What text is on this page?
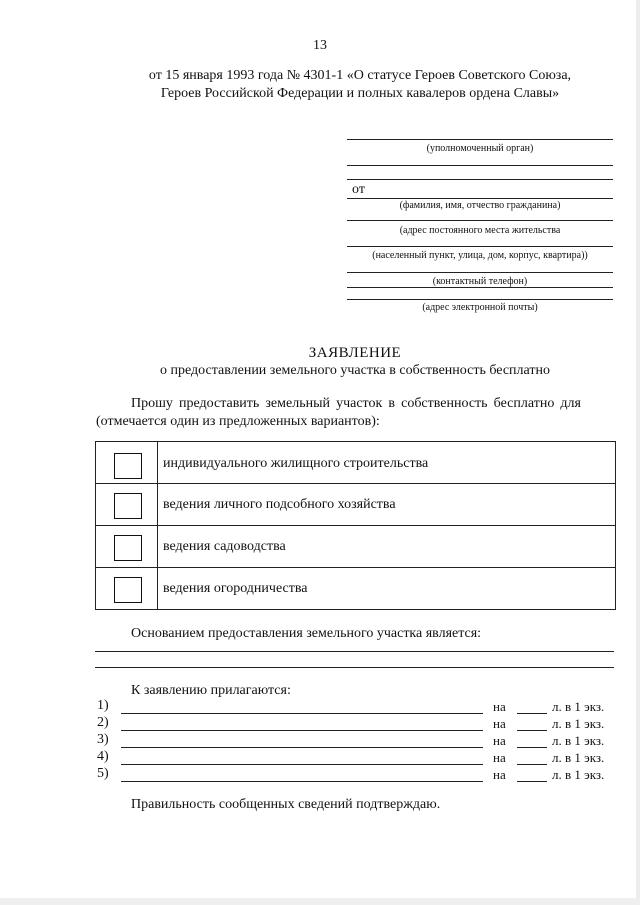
13
от 15 января 1993 года № 4301-1 «О статусе Героев Советского Союза,
Героев Российской Федерации и полных кавалеров ордена Славы»
(уполномоченный орган)
от
(фамилия, имя, отчество гражданина)
(адрес постоянного места жительства
(населенный пункт, улица, дом, корпус, квартира))
(контактный телефон)
(адрес электронной почты)
ЗАЯВЛЕНИЕ
о предоставлении земельного участка в собственность бесплатно
Прошу предоставить земельный участок в собственность бесплатно для
(отмечается один из предложенных вариантов):
индивидуального жилищного строительства
ведения личного подсобного хозяйства
ведения садоводства
ведения огородничества
Основанием предоставления земельного участка является:
К заявлению прилагаются:
1)	на	л. в 1 экз.
2)	на	л. в 1 экз.
3)	на	л. в 1 экз.
4)	на	л. в 1 экз.
5)	на	л. в 1 экз.
Правильность сообщенных сведений подтверждаю.
